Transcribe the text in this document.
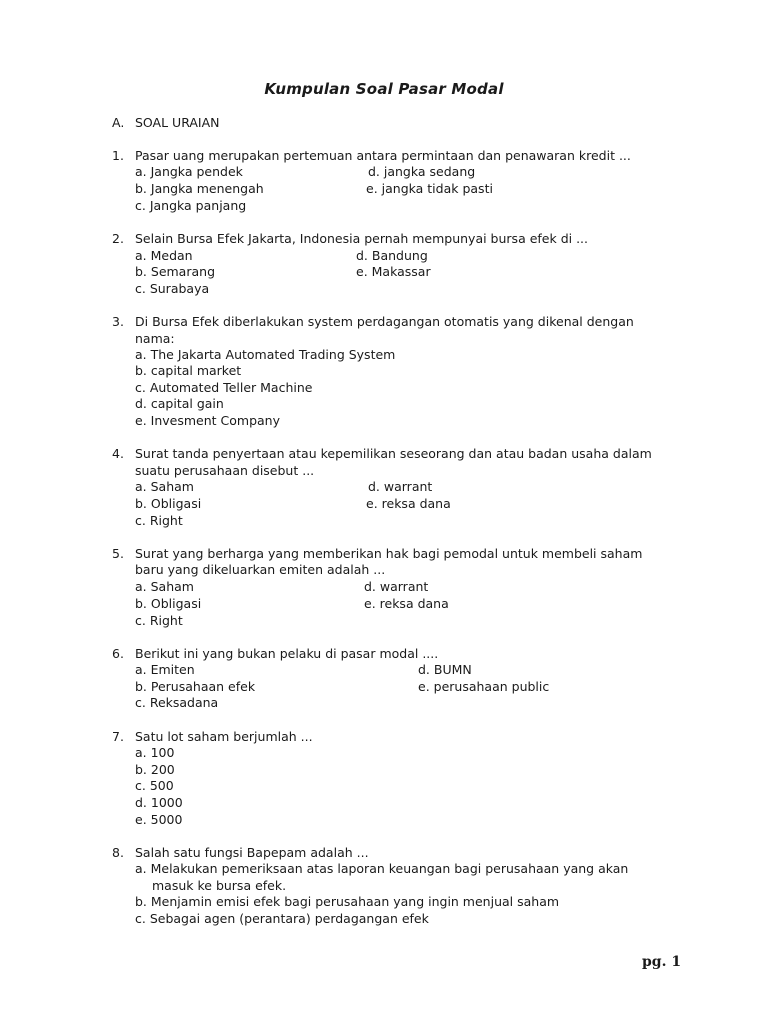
Kumpulan Soal Pasar Modal
A. SOAL URAIAN
1. Pasar uang merupakan pertemuan antara permintaan dan penawaran kredit ...
a. Jangka pendek	d. jangka sedang
b. Jangka menengah	e. jangka tidak pasti
c. Jangka panjang
2. Selain Bursa Efek Jakarta, Indonesia pernah mempunyai bursa efek di ...
a. Medan	d. Bandung
b. Semarang	e. Makassar
c. Surabaya
3. Di Bursa Efek diberlakukan system perdagangan otomatis yang dikenal dengan
nama:
a. The Jakarta Automated Trading System
b. capital market
c. Automated Teller Machine
d. capital gain
e. Invesment Company
4. Surat tanda penyertaan atau kepemilikan seseorang dan atau badan usaha dalam
suatu perusahaan disebut ...
a. Saham	d. warrant
b. Obligasi	e. reksa dana
c. Right
5. Surat yang berharga yang memberikan hak bagi pemodal untuk membeli saham
baru yang dikeluarkan emiten adalah ...
a. Saham	d. warrant
b. Obligasi	e. reksa dana
c. Right
6. Berikut ini yang bukan pelaku di pasar modal ....
a. Emiten	d. BUMN
b. Perusahaan efek	e. perusahaan public
c. Reksadana
7. Satu lot saham berjumlah ...
a. 100
b. 200
c. 500
d. 1000
e. 5000
8. Salah satu fungsi Bapepam adalah ...
a. Melakukan pemeriksaan atas laporan keuangan bagi perusahaan yang akan
masuk ke bursa efek.
b. Menjamin emisi efek bagi perusahaan yang ingin menjual saham
c. Sebagai agen (perantara) perdagangan efek
pg. 1
